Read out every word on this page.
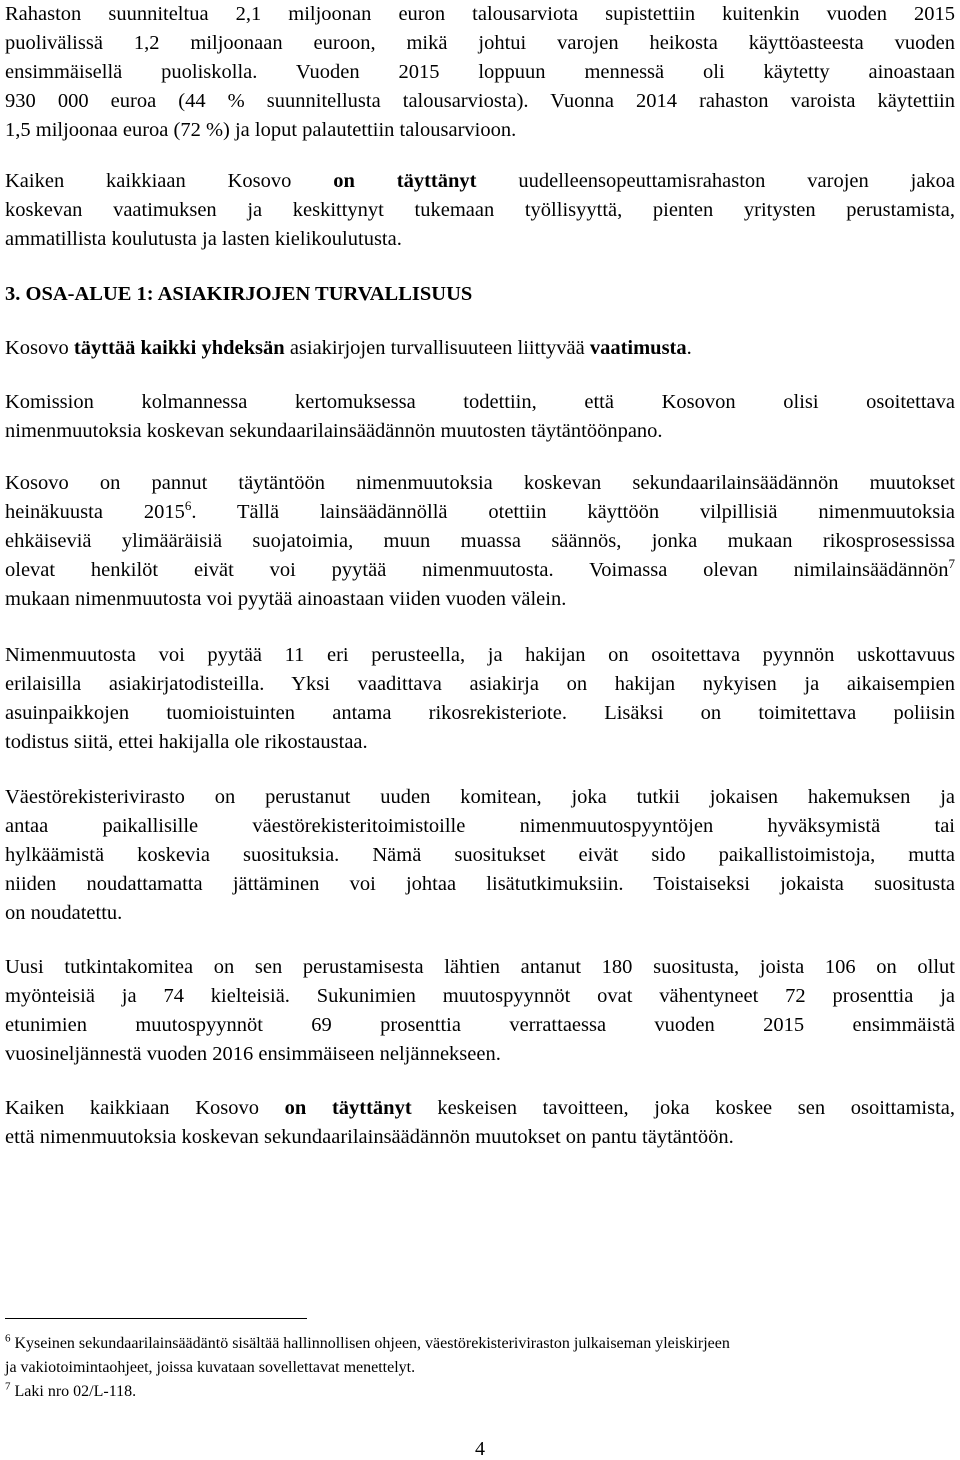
Rahaston suunniteltua 2,1 miljoonan euron talousarviota supistettiin kuitenkin vuoden 2015
puolivälissä 1,2 miljoonaan euroon, mikä johtui varojen heikosta käyttöasteesta vuoden
ensimmäisellä puoliskolla. Vuoden 2015 loppuun mennessä oli käytetty ainoastaan
930 000 euroa (44 % suunnitellusta talousarviosta). Vuonna 2014 rahaston varoista käytettiin
1,5 miljoonaa euroa (72 %) ja loput palautettiin talousarvioon.

Kaiken kaikkiaan Kosovo on täyttänyt uudelleensopeuttamisrahaston varojen jakoa
koskevan vaatimuksen ja keskittynyt tukemaan työllisyyttä, pienten yritysten perustamista,
ammatillista koulutusta ja lasten kielikoulutusta.

3. OSA-ALUE 1: ASIAKIRJOJEN TURVALLISUUS

Kosovo täyttää kaikki yhdeksän asiakirjojen turvallisuuteen liittyvää vaatimusta.

Komission kolmannessa kertomuksessa todettiin, että Kosovon olisi osoitettava
nimenmuutoksia koskevan sekundaarilainsäädännön muutosten täytäntöönpano.

Kosovo on pannut täytäntöön nimenmuutoksia koskevan sekundaarilainsäädännön muutokset
heinäkuusta 2015$^6$. Tällä lainsäädännöllä otettiin käyttöön vilpillisiä nimenmuutoksia
ehkäiseviä ylimääräisiä suojatoimia, muun muassa säännös, jonka mukaan rikosprosessissa
olevat henkilöt eivät voi pyytää nimenmuutosta. Voimassa olevan nimilainsäädännön$^7$
mukaan nimenmuutosta voi pyytää ainoastaan viiden vuoden välein.

Nimenmuutosta voi pyytää 11 eri perusteella, ja hakijan on osoitettava pyynnön uskottavuus
erilaisilla asiakirjatodisteilla. Yksi vaadittava asiakirja on hakijan nykyisen ja aikaisempien
asuinpaikkojen tuomioistuinten antama rikosrekisteriote. Lisäksi on toimitettava poliisin
todistus siitä, ettei hakijalla ole rikostaustaa.

Väestörekisterivirasto on perustanut uuden komitean, joka tutkii jokaisen hakemuksen ja
antaa paikallisille väestörekisteritoimistoille nimenmuutospyyntöjen hyväksymistä tai
hylkäämistä koskevia suosituksia. Nämä suositukset eivät sido paikallistoimistoja, mutta
niiden noudattamatta jättäminen voi johtaa lisätutkimuksiin. Toistaiseksi jokaista suositusta
on noudatettu.

Uusi tutkintakomitea on sen perustamisesta lähtien antanut 180 suositusta, joista 106 on ollut
myönteisiä ja 74 kielteisiä. Sukunimien muutospyynnöt ovat vähentyneet 72 prosenttia ja
etunimien muutospyynnöt 69 prosenttia verrattaessa vuoden 2015 ensimmäistä
vuosineljännestä vuoden 2016 ensimmäiseen neljännekseen.

Kaiken kaikkiaan Kosovo on täyttänyt keskeisen tavoitteen, joka koskee sen osoittamista,
että nimenmuutoksia koskevan sekundaarilainsäädännön muutokset on pantu täytäntöön.

$^6$ Kyseinen sekundaarilainsäädäntö sisältää hallinnollisen ohjeen, väestörekisteriviraston julkaiseman yleiskirjeen

ja vakiotoimintaohjeet, joissa kuvataan sovellettavat menettelyt.

$^7$ Laki nro 02/L-118.

4
